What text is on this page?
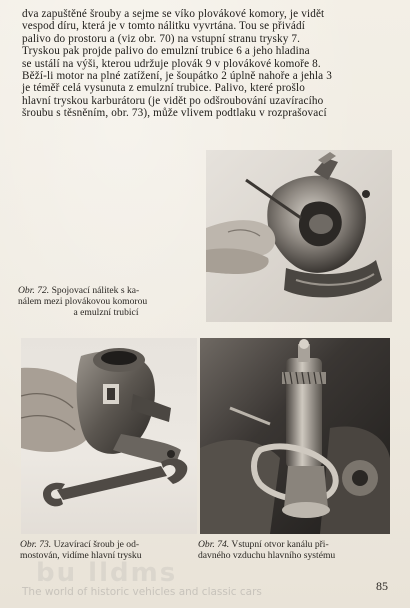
dva zapuštěné šrouby a sejme se víko plovákové komory, je vidět
vespod díru, která je v tomto nálitku vyvrtána. Tou se přivádí
palivo do prostoru a (viz obr. 70) na vstupní stranu trysky 7.
Tryskou pak projde palivo do emulzní trubice 6 a jeho hladina
se ustálí na výši, kterou udržuje plovák 9 v plovákové komoře 8.
Běží-li motor na plné zatížení, je šoupátko 2 úplně nahoře a jehla 3
je téměř celá vysunuta z emulzní trubice. Palivo, které prošlo
hlavní tryskou karburátoru (je vidět po odšroubování uzavíracího
šroubu s těsněním, obr. 73), může vlivem podtlaku v rozprašovací

Obr. 72. Spojovací nálitek s ka-
nálem mezi plovákovou komorou
a emulzní trubicí

Obr. 73. Uzavírací šroub je od-
mostován, vidíme hlavní trysku

Obr. 74. Vstupní otvor kanálu při-
davného vzduchu hlavního systému

bu lldms
The world of historic vehicles and classic cars	85
